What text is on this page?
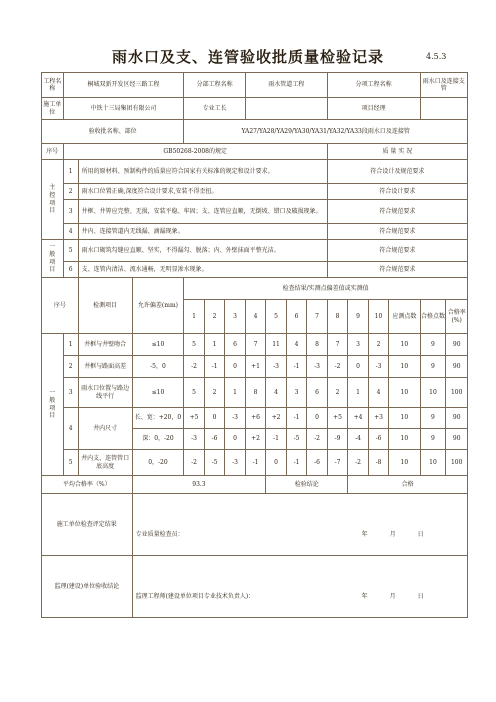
雨水口及支、连管验收批质量检验记录	4.5.3
工程名称	桐城双新开发区经三路工程			分部工程名称			雨水管道工程				分项工程名称				雨水口及连接支管	
施工单位	中铁十三局集团有限公司			专业工长							项目经理					
验收批名称、部位				YA27/YA28/YA29/YA30/YA31/YA32/YA33段雨水口及连接管												
序号	GB50268-2008的规定										质 量 实 况					

主控项目	1	所用的原材料、预制构件的质量应符合国家有关标准的规定和设计要求。									符合设计及规范要求					
	2	雨水口位置正确,深度符合设计要求,安装不得歪扭。									符合设计要求					
	3	井框、井箅应完整、无损，安装平稳、牢固；支、连管应直顺，无倒坡、错口及破损现象。									符合规范要求					
	4	井内、连接管道内无线漏、滴漏现象。									符合规范要求					

一般项目	5	雨水口砌筑勾缝应直顺、坚实，不得漏勾、脱落；内、外壁抹面平整光洁。									符合规范要求					
	6	支、连管内清洁、流水通畅，无明显渗水现象。									符合规范要求					
序号		检测项目	允许偏差(mm)	检查结果/实测点偏差值或实测值												
				1	2	3	4	5	6	7	8	9	10	应测点数	合格点数	合格率(%)

一般项目	1	井框与井壁吻合	≤10	5	1	6	7	11	4	8	7	3	2	10	9	90
	2	井框与路面高差	-5，0	-2	-1	0	+1	-3	-1	-3	-2	0	-3	10	9	90
	3	雨水口位置与路边线平行	≤10	5	2	1	8	4	3	6	2	1	4	10	10	100
	4	井内尺寸	长、宽：+20，0	+5	0	-3	+6	+2	-1	0	+5	+4	+3	10	9	90
			深：0，-20	-3	-6	0	+2	-1	-5	-2	-9	-4	-6	10	9	90
	5	井内支、连管管口底高度	0，-20	-2	-5	-3	-1	0	-1	-6	-7	-2	-8	10	10	100
平均合格率（%）			93.3					检验结论				合格				
施工单位检查评定结果			专业质量检查员： 年 月 日													

监理(建设)单位验收结论			监理工程师(建设单位项目专业技术负责人)： 年 月 日													
